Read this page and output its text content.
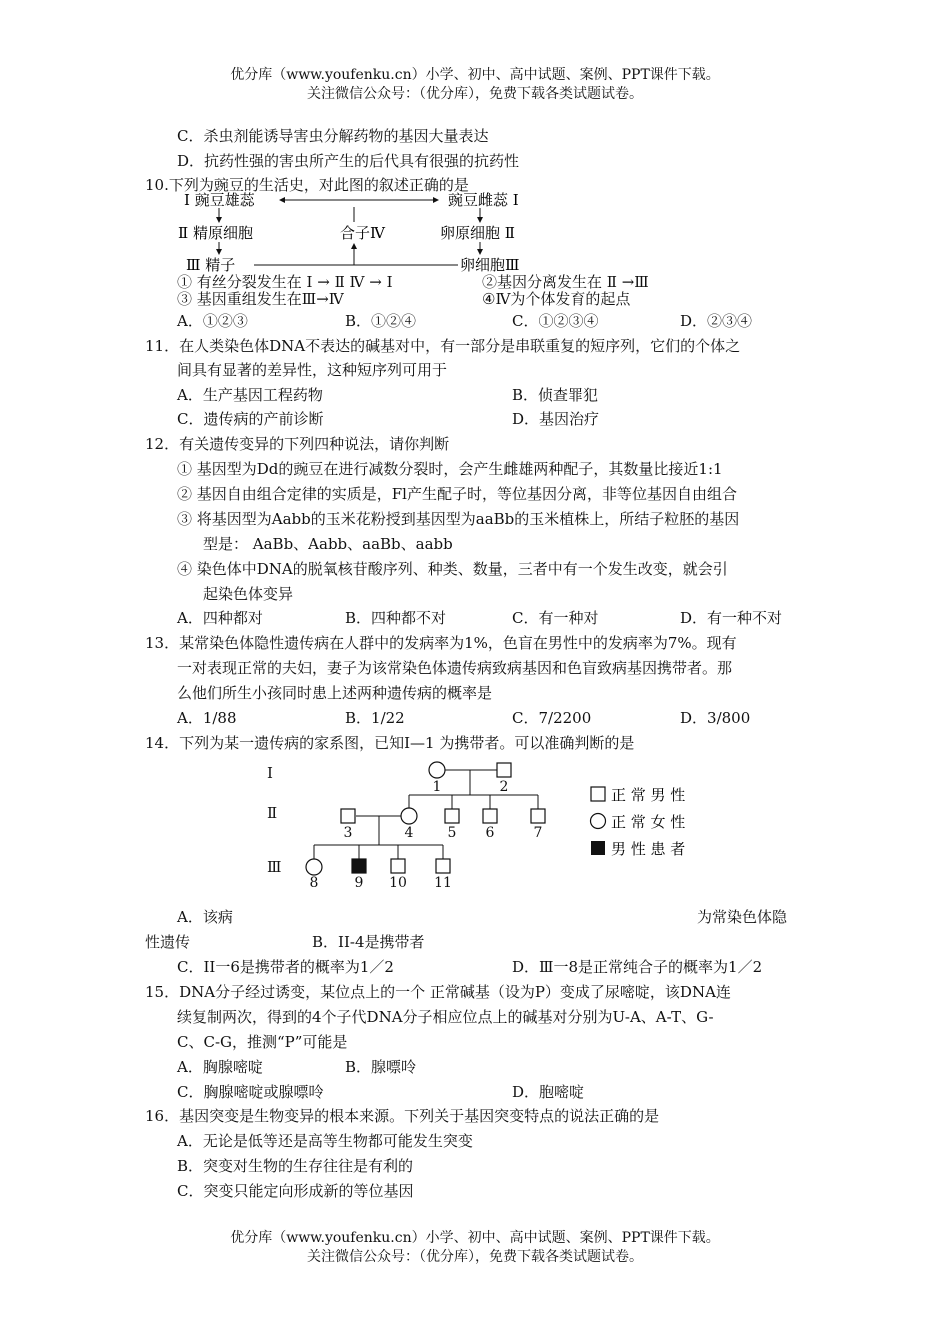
优分库（www.youfenku.cn）小学、初中、高中试题、案例、PPT课件下载。
关注微信公众号：（优分库），免费下载各类试题试卷。
C．杀虫剂能诱导害虫分解药物的基因大量表达
D．抗药性强的害虫所产生的后代具有很强的抗药性
10.下列为豌豆的生活史，对此图的叙述正确的是
Ⅰ 豌豆雄蕊	豌豆雌蕊 Ⅰ
Ⅱ 精原细胞	合子Ⅳ	卵原细胞 Ⅱ
Ⅲ 精子	卵细胞Ⅲ
① 有丝分裂发生在 Ⅰ → Ⅱ Ⅳ → Ⅰ	②基因分离发生在 Ⅱ →Ⅲ
③ 基因重组发生在Ⅲ→Ⅳ	④Ⅳ为个体发育的起点
A．①②③	B．①②④	C．①②③④	D．②③④
11．在人类染色体DNA不表达的碱基对中，有一部分是串联重复的短序列，它们的个体之
间具有显著的差异性，这种短序列可用于
A．生产基因工程药物	B．侦查罪犯
C．遗传病的产前诊断	D．基因治疗
12．有关遗传变异的下列四种说法，请你判断
① 基因型为Dd的豌豆在进行减数分裂时，会产生雌雄两种配子，其数量比接近1:1
② 基因自由组合定律的实质是，Fl产生配子时，等位基因分离，非等位基因自由组合
③ 将基因型为Aabb的玉米花粉授到基因型为aaBb的玉米植株上，所结子粒胚的基因
型是： AaBb、Aabb、aaBb、aabb
④ 染色体中DNA的脱氧核苷酸序列、种类、数量，三者中有一个发生改变，就会引
起染色体变异
A．四种都对	B．四种都不对	C．有一种对	D．有一种不对
13．某常染色体隐性遗传病在人群中的发病率为1%，色盲在男性中的发病率为7%。现有
一对表现正常的夫妇，妻子为该常染色体遗传病致病基因和色盲致病基因携带者。那
么他们所生小孩同时患上述两种遗传病的概率是
A．1/88	B．1/22	C．7/2200	D．3/800
14．下列为某一遗传病的家系图，已知Ⅰ—1 为携带者。可以准确判断的是
Ⅰ
Ⅱ
Ⅲ
1	2
3	4 5 6	7
8	9 10 11
正 常 男 性
正 常 女 性
男 性 患 者
A．该病	为常染色体隐
性遗传	B．II-4是携带者
C．II一6是携带者的概率为1／2	D．Ⅲ一8是正常纯合子的概率为1／2
15．DNA分子经过诱变，某位点上的一个 正常碱基（设为P）变成了尿嘧啶，该DNA连
续复制两次，得到的4个子代DNA分子相应位点上的碱基对分别为U-A、A-T、G-
C、C-G，推测“P”可能是
A．胸腺嘧啶	B．腺嘌呤
C．胸腺嘧啶或腺嘌呤	D．胞嘧啶
16．基因突变是生物变异的根本来源。下列关于基因突变特点的说法正确的是
A．无论是低等还是高等生物都可能发生突变
B．突变对生物的生存往往是有利的
C．突变只能定向形成新的等位基因
优分库（www.youfenku.cn）小学、初中、高中试题、案例、PPT课件下载。
关注微信公众号：（优分库），免费下载各类试题试卷。
